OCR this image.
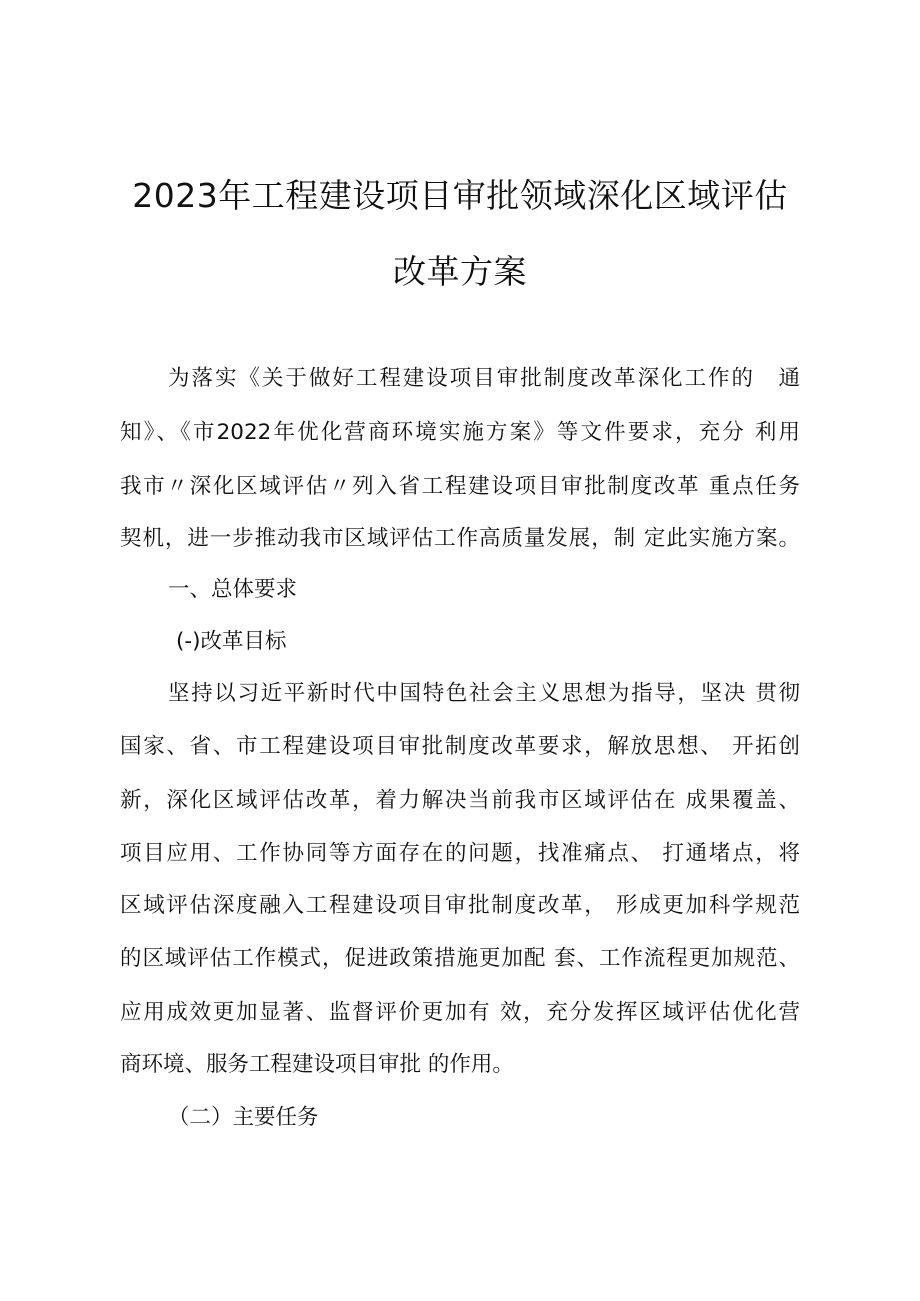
2023年工程建设项目审批领域深化区域评估
改革方案

为落实《关于做好工程建设项目审批制度改革深化工作的　通

知》、《市2022年优化营商环境实施方案》等文件要求，充分 利用

我市〃深化区域评估〃列入省工程建设项目审批制度改革 重点任务

契机，进一步推动我市区域评估工作高质量发展，制 定此实施方案。

一、总体要求

(-)改革目标

坚持以习近平新时代中国特色社会主义思想为指导，坚决 贯彻

国家、省、市工程建设项目审批制度改革要求，解放思想、 开拓创

新，深化区域评估改革，着力解决当前我市区域评估在 成果覆盖、

项目应用、工作协同等方面存在的问题，找准痛点、 打通堵点，将

区域评估深度融入工程建设项目审批制度改革， 形成更加科学规范

的区域评估工作模式，促进政策措施更加配 套、工作流程更加规范、

应用成效更加显著、监督评价更加有 效，充分发挥区域评估优化营

商环境、服务工程建设项目审批 的作用。

（二）主要任务
